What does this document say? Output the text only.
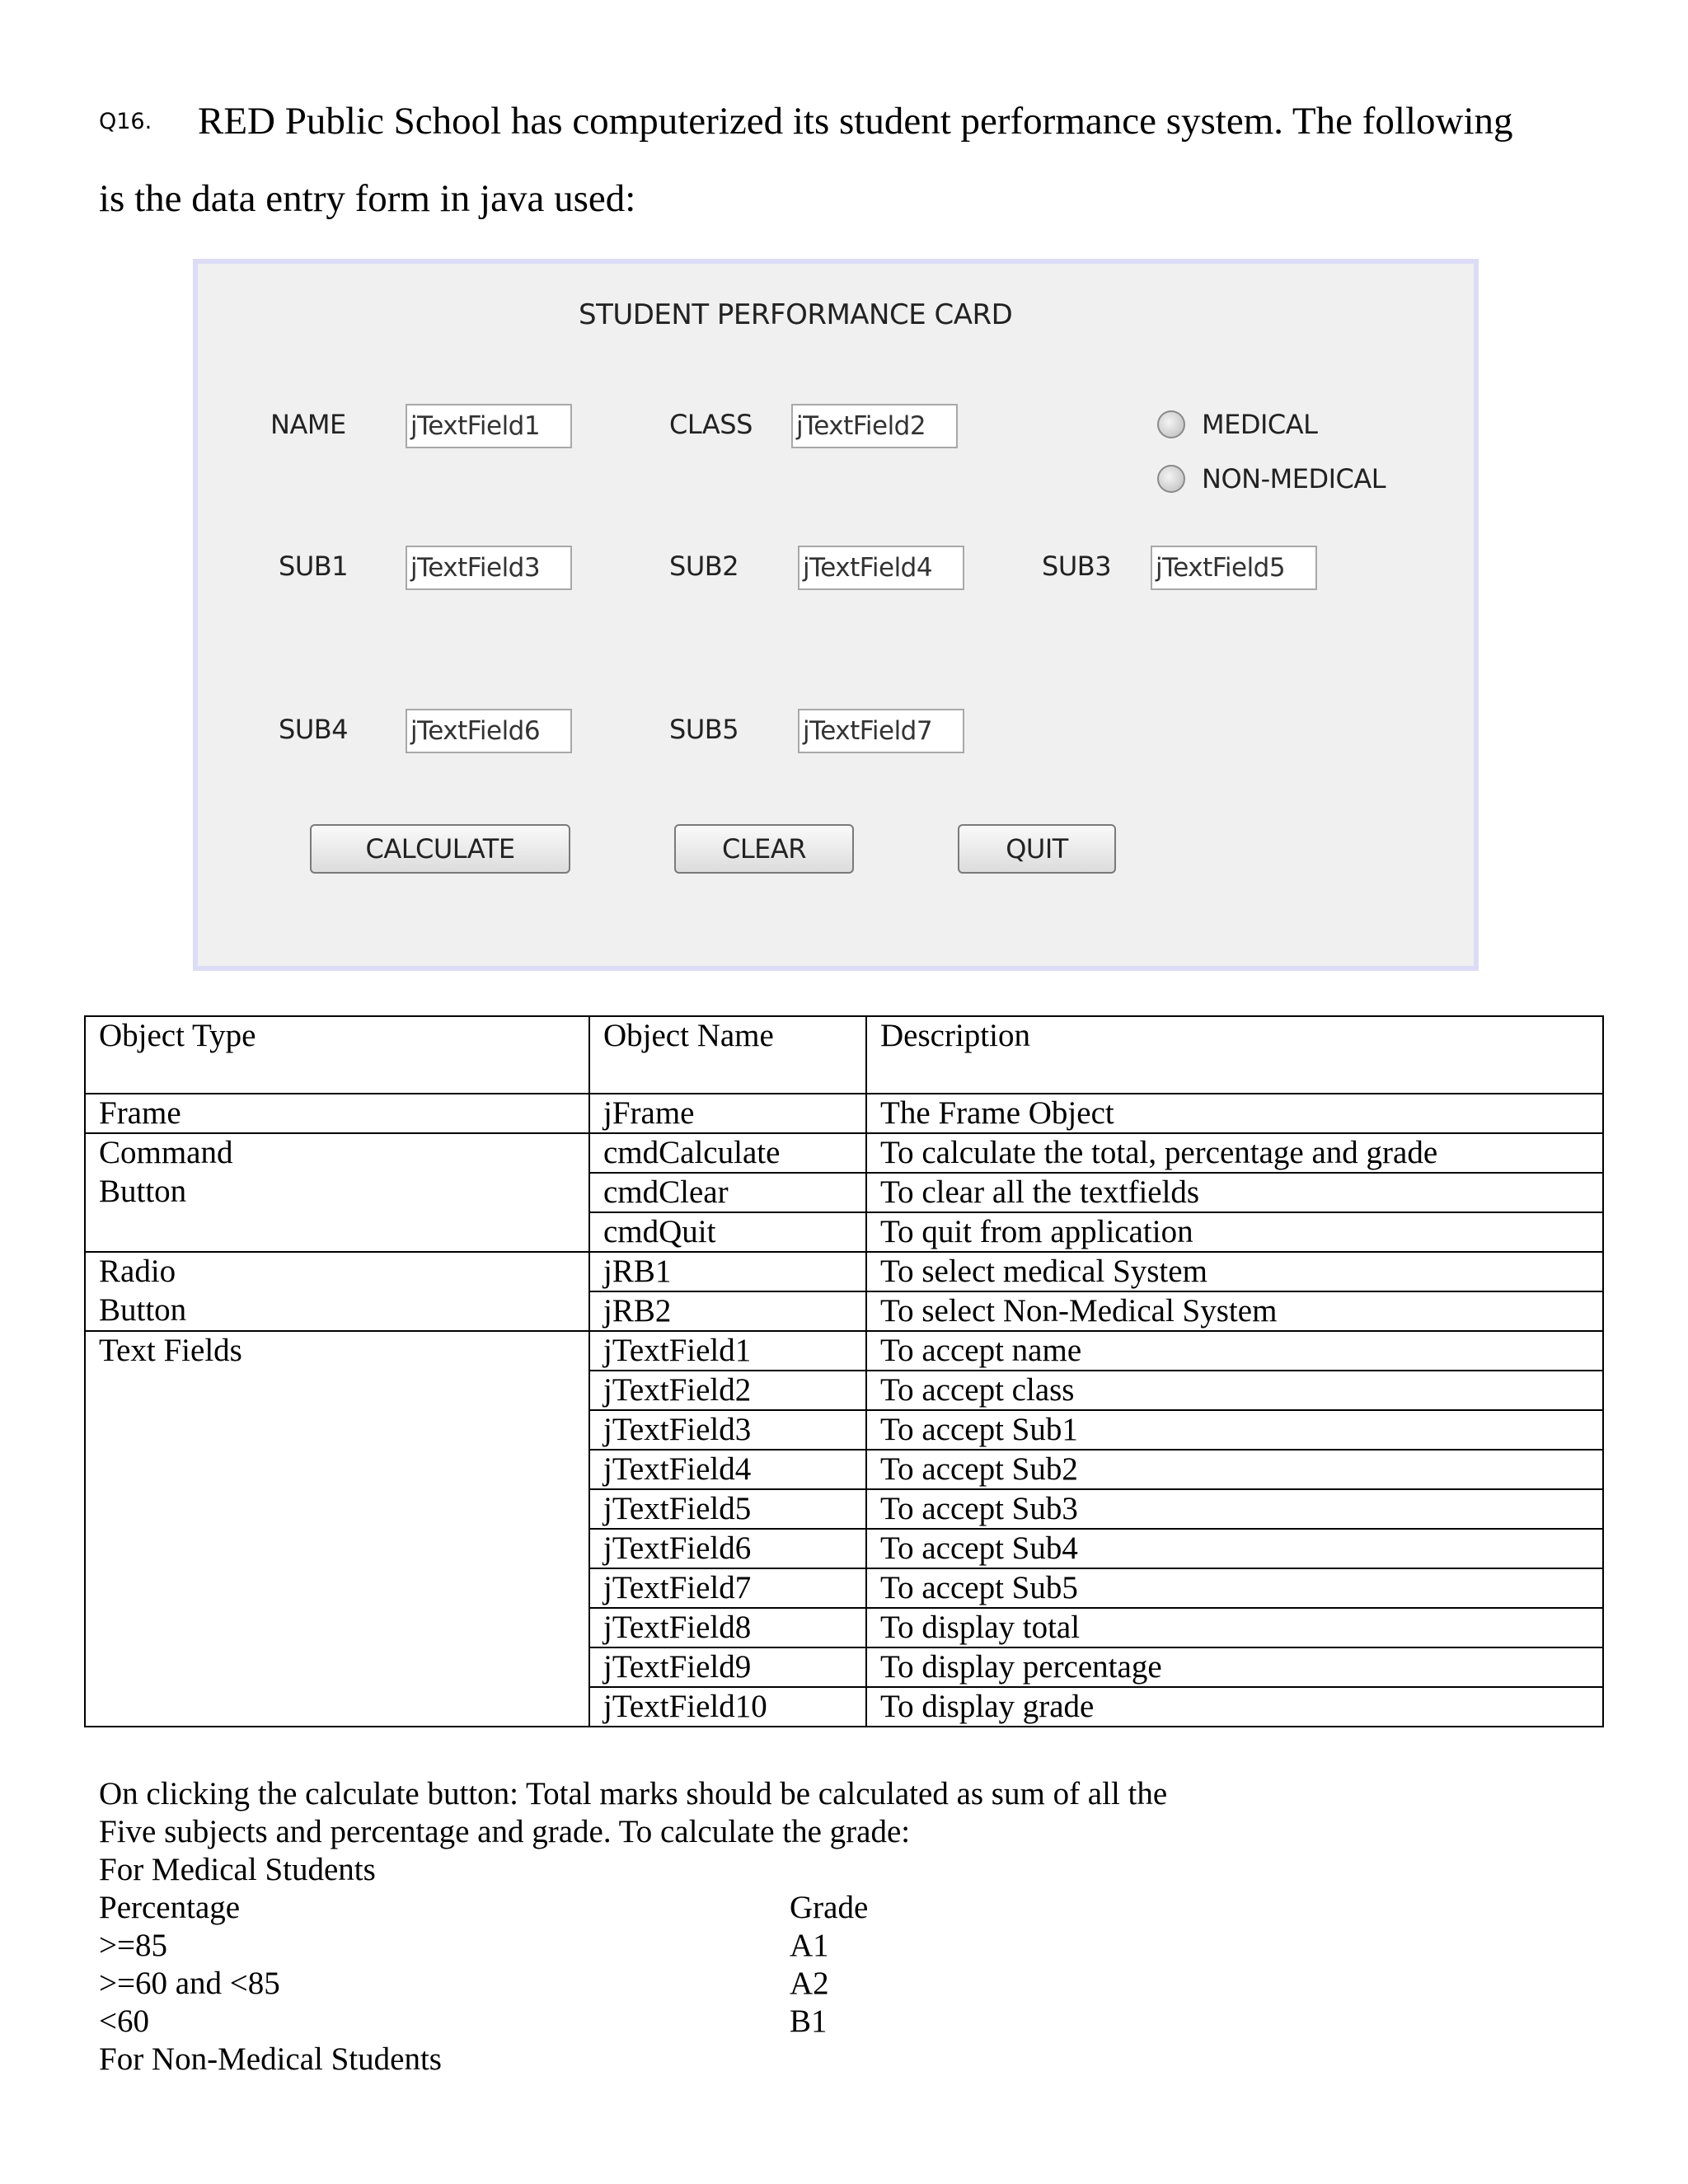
Q16. RED Public School has computerized its student performance system. The following
is the data entry form in java used:
STUDENT PERFORMANCE CARD
NAME	jTextField1	CLASS jTextField2	MEDICAL
NON-MEDICAL
SUB1 jTextField3	SUB2	jTextField4	SUB3 jTextField5
SUB4 jTextField6	SUB5	jTextField7
CALCULATE	CLEAR	QUIT
Object Type	Object Name	Description
Frame	jFrame	The Frame Object
Command	cmdCalculate	To calculate the total, percentage and grade
Button	cmdClear	To clear all the textfields
	cmdQuit	To quit from application
Radio	jRB1	To select medical System
Button	jRB2	To select Non-Medical System
Text Fields	jTextField1	To accept name
	jTextField2	To accept class
	jTextField3	To accept Sub1
	jTextField4	To accept Sub2
	jTextField5	To accept Sub3
	jTextField6	To accept Sub4
	jTextField7	To accept Sub5
	jTextField8	To display total
	jTextField9	To display percentage
	jTextField10	To display grade
On clicking the calculate button: Total marks should be calculated as sum of all the
Five subjects and percentage and grade. To calculate the grade:
For Medical Students
Percentage	Grade
>=85	A1
>=60 and <85	A2
<60	B1
For Non-Medical Students
